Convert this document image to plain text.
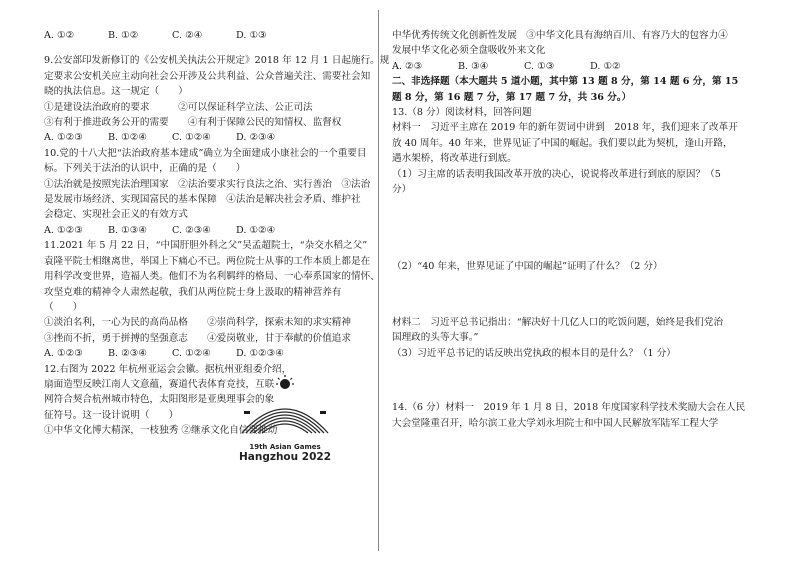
A. ①②	B. ①②	C. ②④	D. ①③
9.公安部印发新修订的《公安机关执法公开规定》2018 年 12 月 1 日起施行。规
定要求公安机关应主动向社会公开涉及公共利益、公众普遍关注、需要社会知
晓的执法信息。这一规定（　　）
①是建设法治政府的要求　　　②可以保证科学立法、公正司法
③有利于推进政务公开的需要　　④有利于保障公民的知情权、监督权
A. ①②③	B. ①②④	C. ①②④	D. ②③④
10.党的十八大把“法治政府基本建成”确立为全面建成小康社会的一个重要目
标。下列关于法治的认识中，正确的是（　　）
①法治就是按照宪法治理国家　②法治要求实行良法之治、实行善治　③法治
是发展市场经济、实现国富民的基本保障　④法治是解决社会矛盾、维护社
会稳定、实现社会正义的有效方式
A. ①②③	B. ①③④	C. ②③④	D. ①②④
11.2021 年 5 月 22 日，“中国肝胆外科之父”吴孟超院士，“杂交水稻之父”
袁隆平院士相继离世，举国上下痛心不已。两位院士从事的工作本质上都是在
用科学改变世界，造福人类。他们不为名利羁绊的格局、一心奉系国家的情怀、
攻坚克难的精神令人肃然起敬，我们从两位院士身上汲取的精神营养有
（　　）
①淡泊名利，一心为民的高尚品格　　②崇尚科学，探索未知的求实精神
③挫而不折，勇于拼搏的坚强意志　　④爱岗敬业，甘于奉献的价值追求
A. ①②③	B. ②③④	C. ①②④	D. ①②③④
12.右图为 2022 年杭州亚运会会徽。据杭州亚组委介绍，
扇面造型反映江南人文意蕴，赛道代表体育竞技，互联
网符合契合杭州城市特色，太阳图形是亚奥理事会的象
征符号。这一设计说明（　　）
①中华文化博大精深，一枝独秀 ②继承文化自信要推动
19th Asian Games
Hangzhou 2022
中华优秀传统文化创新性发展　③中华文化具有海纳百川、有容乃大的包容力④
发展中华文化必须全盘吸收外来文化
A. ②③	B. ③④	C. ①③	D. ①②
二、非选择题（本大题共 5 道小题，其中第 13 题 8 分，第 14 题 6 分，第 15
题 8 分，第 16 题 7 分，第 17 题 7 分，共 36 分。）
13.（8 分）阅读材料，回答问题
材料一　习近平主席在 2019 年的新年贺词中讲到　2018 年，我们迎来了改革开
放 40 周年。40 年来，世界见证了中国的崛起。我们要以此为契机，逢山开路，
遇水架桥，将改革进行到底。
（1）习主席的话表明我国改革开放的决心，说说将改革进行到底的原因？（5
分）
（2）“40 年来，世界见证了中国的崛起”证明了什么？（2 分）
材料二　习近平总书记指出：“解决好十几亿人口的吃饭问题，始终是我们党治
国理政的头等大事。”
（3）习近平总书记的话反映出党执政的根本目的是什么？（1 分）
14.（6 分）材料一　2019 年 1 月 8 日，2018 年度国家科学技术奖励大会在人民
大会堂隆重召开，哈尔滨工业大学刘永坦院士和中国人民解放军陆军工程大学
